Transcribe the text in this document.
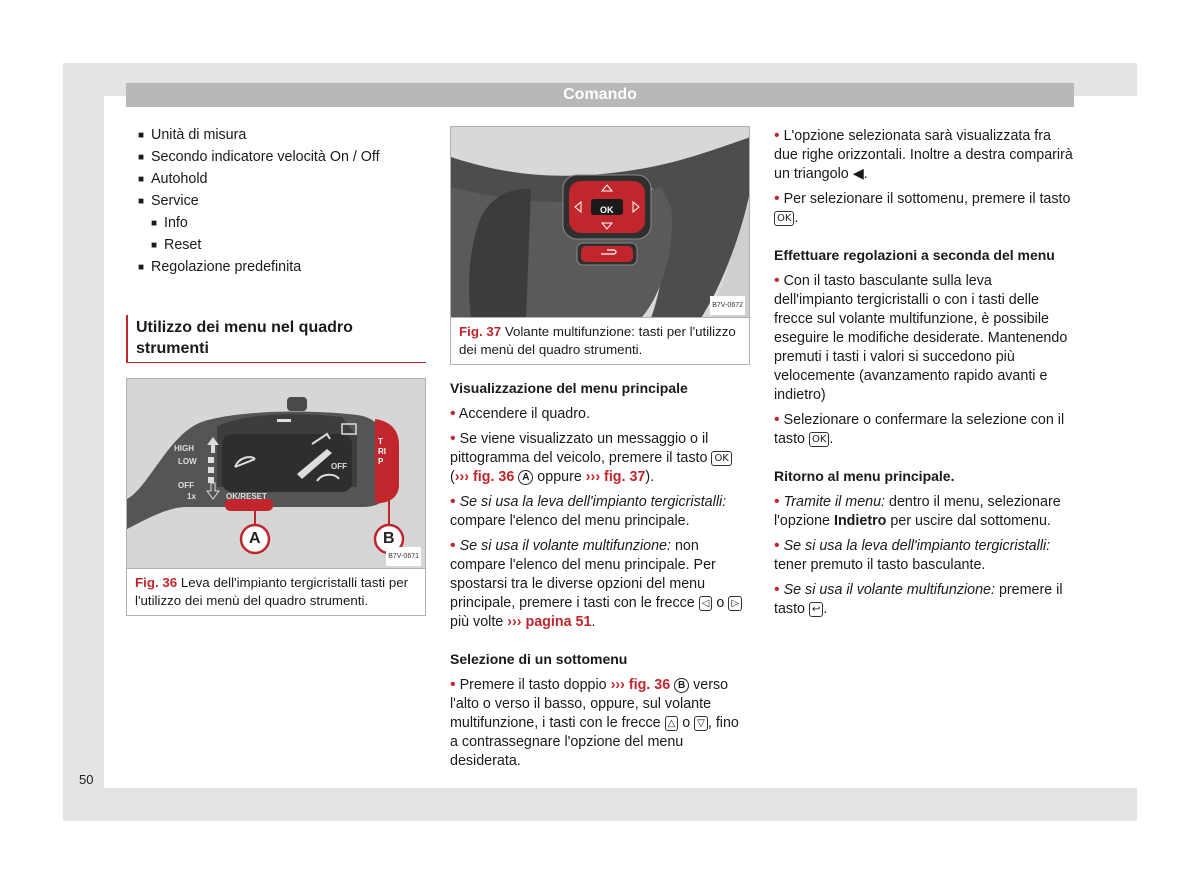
Comando
50
■ Unità di misura
■ Secondo indicatore velocità On / Off
■ Autohold
■ Service
■ Info
■ Reset
■ Regolazione predefinita
Utilizzo dei menu nel quadro strumenti
HIGH
LOW
OFF
1x	OK/RESET
OFF
TRIP
A	B
B7V-0671
Fig. 36 Leva dell'impianto tergicristalli tasti per l'utilizzo dei menù del quadro strumenti.
OK
B7V-0672
Fig. 37 Volante multifunzione: tasti per l'utilizzo dei menù del quadro strumenti.
Visualizzazione del menu principale

• Accendere il quadro.

• Se viene visualizzato un messaggio o il pittogramma del veicolo, premere il tasto OK
(››› fig. 36 A oppure ››› fig. 37).

• Se si usa la leva dell'impianto tergicristalli: compare l'elenco del menu principale.

• Se si usa il volante multifunzione: non compare l'elenco del menu principale. Per spostarsi tra le diverse opzioni del menu principale, premere i tasti con le frecce ◁ o ▷ più volte ››› pagina 51.

Selezione di un sottomenu

• Premere il tasto doppio ››› fig. 36 B verso l'alto o verso il basso, oppure, sul volante multifunzione, i tasti con le frecce △ o ▽ , fino a contrassegnare l'opzione del menu desiderata.

• L'opzione selezionata sarà visualizzata fra due righe orizzontali. Inoltre a destra comparirà un triangolo ◀.

• Per selezionare il sottomenu, premere il tasto OK .

Effettuare regolazioni a seconda del menu

• Con il tasto basculante sulla leva dell'impianto tergicristalli o con i tasti delle frecce sul volante multifunzione, è possibile eseguire le modifiche desiderate. Mantenendo premuti i tasti i valori si succedono più velocemente (avanzamento rapido avanti e indietro)

• Selezionare o confermare la selezione con il tasto OK .

Ritorno al menu principale.

• Tramite il menu: dentro il menu, selezionare l'opzione Indietro per uscire dal sottomenu.

• Se si usa la leva dell'impianto tergicristalli: tener premuto il tasto basculante.

• Se si usa il volante multifunzione: premere il tasto ↩ .
